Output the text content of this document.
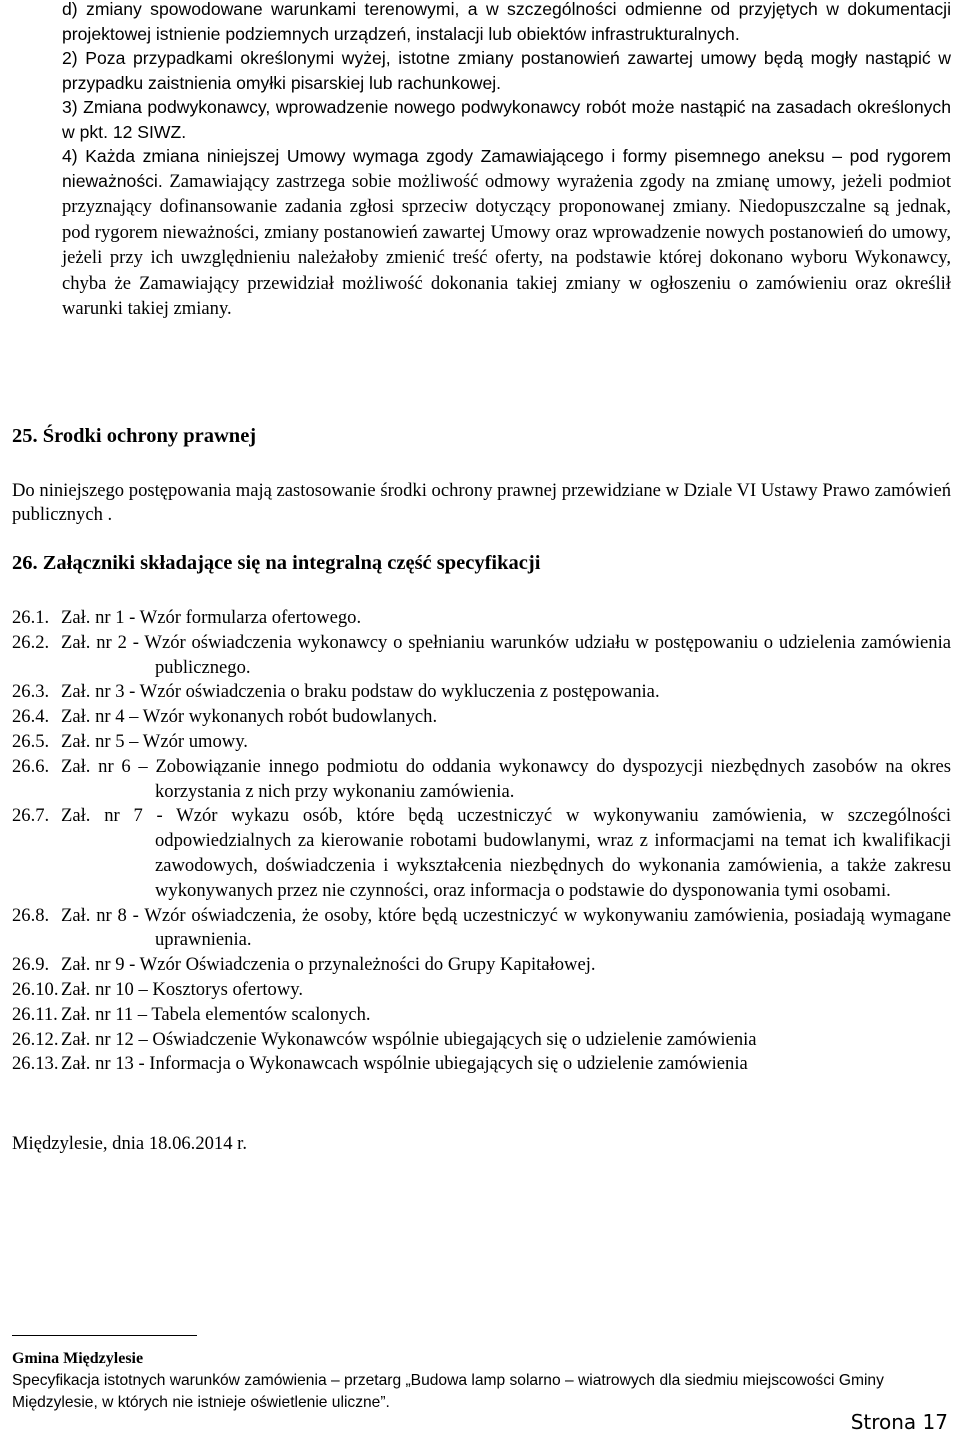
d) zmiany spowodowane warunkami terenowymi, a w szczególności odmienne od przyjętych w dokumentacji projektowej istnienie podziemnych urządzeń, instalacji lub obiektów infrastrukturalnych.
2) Poza przypadkami określonymi wyżej, istotne zmiany postanowień zawartej umowy będą mogły nastąpić w przypadku zaistnienia omyłki pisarskiej lub rachunkowej.
3) Zmiana podwykonawcy, wprowadzenie nowego podwykonawcy robót może nastąpić na zasadach określonych w pkt. 12 SIWZ.
4) Każda zmiana niniejszej Umowy wymaga zgody Zamawiającego i formy pisemnego aneksu – pod rygorem nieważności. Zamawiający zastrzega sobie możliwość odmowy wyrażenia zgody na zmianę umowy, jeżeli podmiot przyznający dofinansowanie zadania zgłosi sprzeciw dotyczący proponowanej zmiany. Niedopuszczalne są jednak, pod rygorem nieważności, zmiany postanowień zawartej Umowy oraz wprowadzenie nowych postanowień do umowy, jeżeli przy ich uwzględnieniu należałoby zmienić treść oferty, na podstawie której dokonano wyboru Wykonawcy, chyba że Zamawiający przewidział możliwość dokonania takiej zmiany w ogłoszeniu o zamówieniu oraz określił warunki takiej zmiany.
25. Środki ochrony prawnej
Do niniejszego postępowania mają zastosowanie środki ochrony prawnej przewidziane w Dziale VI Ustawy Prawo zamówień publicznych .
26. Załączniki składające się na integralną część specyfikacji
26.1. Zał. nr 1 - Wzór formularza ofertowego.
26.2. Zał. nr 2 - Wzór oświadczenia wykonawcy o spełnianiu warunków udziału w postępowaniu o udzielenia zamówienia publicznego.
26.3. Zał. nr 3 - Wzór oświadczenia o braku podstaw do wykluczenia z postępowania.
26.4. Zał. nr 4 – Wzór wykonanych robót budowlanych.
26.5. Zał. nr 5 – Wzór umowy.
26.6. Zał. nr 6 – Zobowiązanie innego podmiotu do oddania wykonawcy do dyspozycji niezbędnych zasobów na okres korzystania z nich przy wykonaniu zamówienia.
26.7. Zał. nr 7 - Wzór wykazu osób, które będą uczestniczyć w wykonywaniu zamówienia, w szczególności odpowiedzialnych za kierowanie robotami budowlanymi, wraz z informacjami na temat ich kwalifikacji zawodowych, doświadczenia i wykształcenia niezbędnych do wykonania zamówienia, a także zakresu wykonywanych przez nie czynności, oraz informacja o podstawie do dysponowania tymi osobami.
26.8. Zał. nr 8 - Wzór oświadczenia, że osoby, które będą uczestniczyć w wykonywaniu zamówienia, posiadają wymagane uprawnienia.
26.9. Zał. nr 9 - Wzór Oświadczenia o przynależności do Grupy Kapitałowej.
26.10. Zał. nr 10 – Kosztorys ofertowy.
26.11. Zał. nr 11 – Tabela elementów scalonych.
26.12. Zał. nr 12 – Oświadczenie Wykonawców wspólnie ubiegających się o udzielenie zamówienia
26.13. Zał. nr 13 - Informacja o Wykonawcach wspólnie ubiegających się o udzielenie zamówienia
Międzylesie, dnia 18.06.2014 r.
Gmina Międzylesie
Specyfikacja istotnych warunków zamówienia – przetarg „Budowa lamp solarno – wiatrowych dla siedmiu miejscowości Gminy Międzylesie, w których nie istnieje oświetlenie uliczne”.
Strona 17
